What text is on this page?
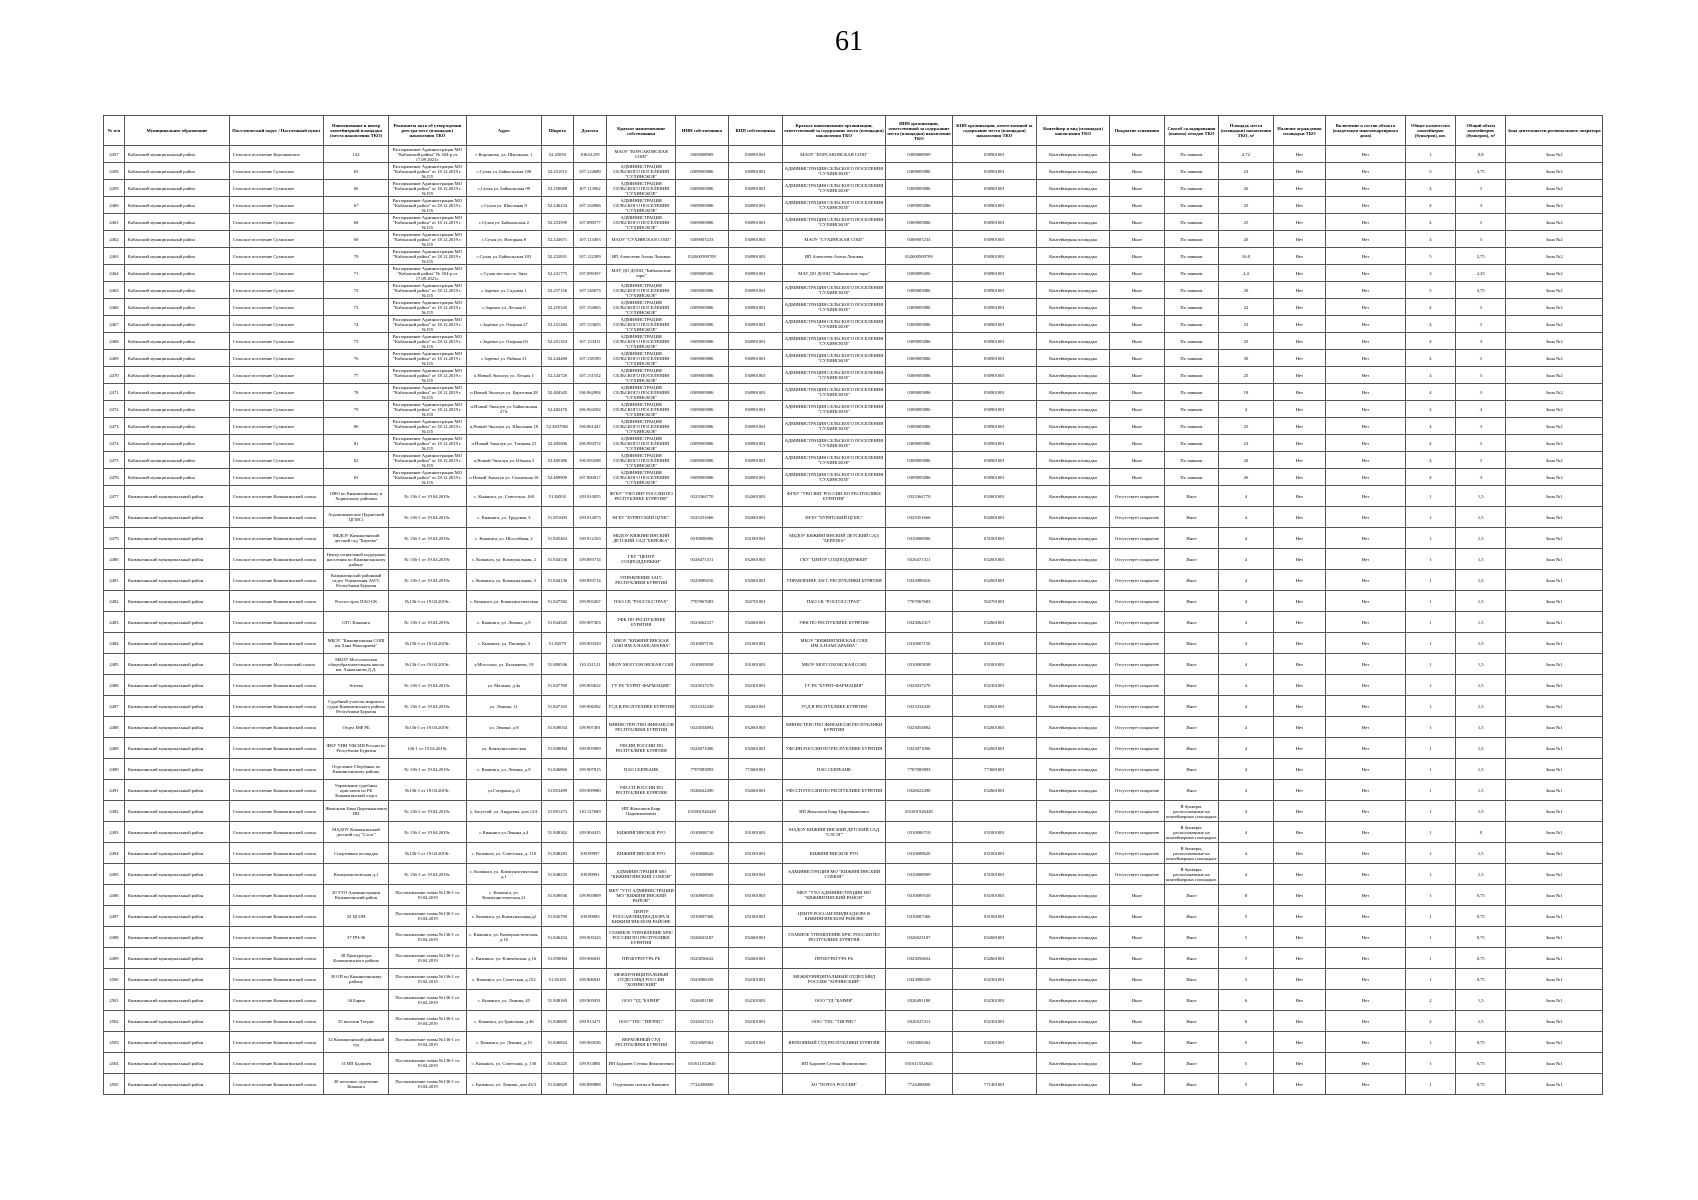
61
№ п/п	Муниципальное образование	Поселенческий округ / Населенный пункт	Наименование и номер контейнерной площадки (места накопления ТКО)	Реквизиты акта об утверждении реестра мест (площадок) накопления ТКО	Адрес	Широта	Долгота	Краткое наименование собственника	ИНН собственника	КПП собственника	Краткое наименование организации, ответственной за содержание места (площадки) накопления ТКО	ИНН организации, ответственной за содержание места (площадки) накопления ТКО	КПП организации, ответственной за содержание места (площадки) накопления ТКО	Контейнер и вид (площадка) накопления ТКО	Покрытие основания	Способ складирования (вывоза) отходов ТКО	Площадь места (площадки) накопления ТКО, м²	Наличие ограждения площадки ТКО	Включение в состав объекта (владельцев многоквартирного дома)	Общее количество контейнеров (бункеров), шт.	Общий объем контейнеров (бункеров), м³	Зона деятельности регионального оператора
2457	Кабанский муниципальный район	Сельское поселение Корсаковское	122	Распоряжение Администрации МО "Кабанский район" № 304-р от 17.09.2021г.	с.Корсаково, ул. Школьная, 1	52.25050	106.61259	МАОУ "КОРСАКОВСКАЯ СОШ"	0309008909	030901001	МАОУ "КОРСАКОВСКАЯ СОШ"	0309008909	030901001	Контейнерная площадка	Иное	По заявкам	4,72	Нет	Нет	1	0,8	Зона №2
2458	Кабанский муниципальный район	Сельское поселение Сухинское	65	Распоряжение Администрации МО "Кабанский район" от 18.12.2019 г. №155	с.Сухая ул. Байкальская 108	52.251015	107.122689	АДМИНИСТРАЦИЯ СЕЛЬСКОГО ПОСЕЛЕНИЯ "СУХИНСКОЕ"	0309005886	030901001	АДМИНИСТРАЦИЯ СЕЛЬСКОГО ПОСЕЛЕНИЯ "СУХИНСКОЕ"	0309005886	030901001	Контейнерная площадка	Иное	По заявкам	23	Нет	Нет	5	3,75	Зона №2
2459	Кабанский муниципальный район	Сельское поселение Сухинское	66	Распоряжение Администрации МО "Кабанский район" от 18.12.2019 г. №155	с.Сухая ул. Байкальская 99	52.250688	107.113962	АДМИНИСТРАЦИЯ СЕЛЬСКОГО ПОСЕЛЕНИЯ "СУХИНСКОЕ"	0309005886	030901001	АДМИНИСТРАЦИЯ СЕЛЬСКОГО ПОСЕЛЕНИЯ "СУХИНСКОЕ"	0309005886	030901001	Контейнерная площадка	Иное	По заявкам	26	Нет	Нет	4	3	Зона №2
2460	Кабанский муниципальный район	Сельское поселение Сухинское	67	Распоряжение Администрации МО "Кабанский район" от 18.12.2019 г. №155	с.Сухая ул. Школьная 9	52.246234	107.104966	АДМИНИСТРАЦИЯ СЕЛЬСКОГО ПОСЕЛЕНИЯ "СУХИНСКОЕ"	0309005886	030901001	АДМИНИСТРАЦИЯ СЕЛЬСКОГО ПОСЕЛЕНИЯ "СУХИНСКОЕ"	0309005886	030901001	Контейнерная площадка	Иное	По заявкам	25	Нет	Нет	4	3	Зона №2
2461	Кабанский муниципальный район	Сельское поселение Сухинское	68	Распоряжение Администрации МО "Кабанский район" от 18.12.2019 г. №155	с.Сухая ул. Байкальская 2	52.253599	107.098577	АДМИНИСТРАЦИЯ СЕЛЬСКОГО ПОСЕЛЕНИЯ "СУХИНСКОЕ"	0309005886	030901001	АДМИНИСТРАЦИЯ СЕЛЬСКОГО ПОСЕЛЕНИЯ "СУХИНСКОЕ"	0309005886	030901001	Контейнерная площадка	Иное	По заявкам	25	Нет	Нет	4	3	Зона №2
2462	Кабанский муниципальный район	Сельское поселение Сухинское	69	Распоряжение Администрации МО "Кабанский район" от 18.12.2019 г. №155	с.Сухая ул. Нагорная 8	52.243671	107.113493	МАОУ "СУХИНСКАЯ СОШ"	0309007233	030901001	МАОУ "СУХИНСКАЯ СОШ"	0309007233	030901001	Контейнерная площадка	Иное	По заявкам	20	Нет	Нет	4	3	Зона №2
2463	Кабанский муниципальный район	Сельское поселение Сухинское	70	Распоряжение Администрации МО "Кабанский район" от 18.12.2019 г. №155	с.Сухая ул. Байкальская 103	52.252831	107.122389	ИП Алексеева Алена Львовна	032600509709	030901001	ИП Алексеева Алена Львовна	032600509709	030901001	Контейнерная площадка	Иное	По заявкам	16,8	Нет	Нет	5	3,75	Зона №2
2464	Кабанский муниципальный район	Сельское поселение Сухинское	71	Распоряжение Администрации МО "Кабанский район" № 304-р от 17.09.2021г.	с.Сухая местность Энхэ	52.221775	107.099397	МАУ ДО ДООЦ "Байкальские зори"	0309009406	030901001	МАУ ДО ДООЦ "Байкальские зори"	0309009406	030901001	Контейнерная площадка	Иное	По заявкам	2,4	Нет	Нет	3	2,25	Зона №2
2465	Кабанский муниципальный район	Сельское поселение Сухинское	72	Распоряжение Администрации МО "Кабанский район" от 18.12.2019 г. №155	с.Заречье ул. Садовая 1	52.257156	107.146073	АДМИНИСТРАЦИЯ СЕЛЬСКОГО ПОСЕЛЕНИЯ "СУХИНСКОЕ"	0309005886	030901001	АДМИНИСТРАЦИЯ СЕЛЬСКОГО ПОСЕЛЕНИЯ "СУХИНСКОЕ"	0309005886	030901001	Контейнерная площадка	Иное	По заявкам	20	Нет	Нет	5	3,75	Зона №2
2466	Кабанский муниципальный район	Сельское поселение Сухинское	73	Распоряжение Администрации МО "Кабанский район" от 18.12.2019 г. №155	с.Заречье ул. Лесная 6	52.255345	107.154065	АДМИНИСТРАЦИЯ СЕЛЬСКОГО ПОСЕЛЕНИЯ "СУХИНСКОЕ"	0309005886	030901001	АДМИНИСТРАЦИЯ СЕЛЬСКОГО ПОСЕЛЕНИЯ "СУХИНСКОЕ"	0309005886	030901001	Контейнерная площадка	Иное	По заявкам	22	Нет	Нет	4	3	Зона №2
2467	Кабанский муниципальный район	Сельское поселение Сухинское	74	Распоряжение Администрации МО "Кабанский район" от 18.12.2019 г. №155	с.Заречье ул. Озерная 27	52.251284	107.153655	АДМИНИСТРАЦИЯ СЕЛЬСКОГО ПОСЕЛЕНИЯ "СУХИНСКОЕ"	0309005886	030901001	АДМИНИСТРАЦИЯ СЕЛЬСКОГО ПОСЕЛЕНИЯ "СУХИНСКОЕ"	0309005886	030901001	Контейнерная площадка	Иное	По заявкам	23	Нет	Нет	4	3	Зона №2
2468	Кабанский муниципальный район	Сельское поселение Сухинское	75	Распоряжение Администрации МО "Кабанский район" от 18.12.2019 г. №155	с.Заречье ул. Озерная 63	52.251354	107.153411	АДМИНИСТРАЦИЯ СЕЛЬСКОГО ПОСЕЛЕНИЯ "СУХИНСКОЕ"	0309005886	030901001	АДМИНИСТРАЦИЯ СЕЛЬСКОГО ПОСЕЛЕНИЯ "СУХИНСКОЕ"	0309005886	030901001	Контейнерная площадка	Иное	По заявкам	25	Нет	Нет	4	3	Зона №2
2469	Кабанский муниципальный район	Сельское поселение Сухинское	76	Распоряжение Администрации МО "Кабанский район" от 18.12.2019 г. №155	с.Заречье ул. Рябина 31	52.244268	107.138189	АДМИНИСТРАЦИЯ СЕЛЬСКОГО ПОСЕЛЕНИЯ "СУХИНСКОЕ"	0309005886	030901001	АДМИНИСТРАЦИЯ СЕЛЬСКОГО ПОСЕЛЕНИЯ "СУХИНСКОЕ"	0309005886	030901001	Контейнерная площадка	Иное	По заявкам	30	Нет	Нет	4	3	Зона №2
2470	Кабанский муниципальный район	Сельское поселение Сухинское	77	Распоряжение Администрации МО "Кабанский район" от 18.12.2019 г. №155	п.Новый Энхалук ул. Лесная 1	52.243720	107.151552	АДМИНИСТРАЦИЯ СЕЛЬСКОГО ПОСЕЛЕНИЯ "СУХИНСКОЕ"	0309005886	030901001	АДМИНИСТРАЦИЯ СЕЛЬСКОГО ПОСЕЛЕНИЯ "СУХИНСКОЕ"	0309005886	030901001	Контейнерная площадка	Иное	По заявкам	25	Нет	Нет	4	3	Зона №2
2471	Кабанский муниципальный район	Сельское поселение Сухинское	78	Распоряжение Администрации МО "Кабанский район" от 18.12.2019 г. №155	п.Новый Энхалук ул. Береговая 28	52.484345	106.962994	АДМИНИСТРАЦИЯ СЕЛЬСКОГО ПОСЕЛЕНИЯ "СУХИНСКОЕ"	0309005886	030901001	АДМИНИСТРАЦИЯ СЕЛЬСКОГО ПОСЕЛЕНИЯ "СУХИНСКОЕ"	0309005886	030901001	Контейнерная площадка	Иное	По заявкам	18	Нет	Нет	4	3	Зона №2
2472	Кабанский муниципальный район	Сельское поселение Сухинское	79	Распоряжение Администрации МО "Кабанский район" от 18.12.2019 г. №155	п.Новый Энхалук ул. Байкальская 27А	52.482476	106.964584	АДМИНИСТРАЦИЯ СЕЛЬСКОГО ПОСЕЛЕНИЯ "СУХИНСКОЕ"	0309005886	030901001	АДМИНИСТРАЦИЯ СЕЛЬСКОГО ПОСЕЛЕНИЯ "СУХИНСКОЕ"	0309005886	030901001	Контейнерная площадка	Иное	По заявкам	4	Нет	Нет	2	4	Зона №2
2473	Кабанский муниципальный район	Сельское поселение Сухинское	80	Распоряжение Администрации МО "Кабанский район" от 18.12.2019 г. №155	п.Новый Энхалук ул. Школьная 18	52.4837065	106.961447	АДМИНИСТРАЦИЯ СЕЛЬСКОГО ПОСЕЛЕНИЯ "СУХИНСКОЕ"	0309005886	030901001	АДМИНИСТРАЦИЯ СЕЛЬСКОГО ПОСЕЛЕНИЯ "СУХИНСКОЕ"	0309005886	030901001	Контейнерная площадка	Иное	По заявкам	25	Нет	Нет	4	3	Зона №2
2474	Кабанский муниципальный район	Сельское поселение Сухинское	81	Распоряжение Администрации МО "Кабанский район" от 18.12.2019 г. №155	п.Новый Энхалук ул. Таежная 21	52.485006	106.993572	АДМИНИСТРАЦИЯ СЕЛЬСКОГО ПОСЕЛЕНИЯ "СУХИНСКОЕ"	0309005886	030901001	АДМИНИСТРАЦИЯ СЕЛЬСКОГО ПОСЕЛЕНИЯ "СУХИНСКОЕ"	0309005886	030901001	Контейнерная площадка	Иное	По заявкам	23	Нет	Нет	4	3	Зона №2
2475	Кабанский муниципальный район	Сельское поселение Сухинское	82	Распоряжение Администрации МО "Кабанский район" от 18.12.2019 г. №155	п.Новый Энхалук ул. Южная 2	52.485386	106.994298	АДМИНИСТРАЦИЯ СЕЛЬСКОГО ПОСЕЛЕНИЯ "СУХИНСКОЕ"	0309005886	030901001	АДМИНИСТРАЦИЯ СЕЛЬСКОГО ПОСЕЛЕНИЯ "СУХИНСКОЕ"	0309005886	030901001	Контейнерная площадка	Иное	По заявкам	20	Нет	Нет	4	3	Зона №2
2476	Кабанский муниципальный район	Сельское поселение Сухинское	83	Распоряжение Администрации МО "Кабанский район" от 18.12.2019 г. №155	п.Новый Энхалук ул. Солнечная 16	52.489909	107.000017	АДМИНИСТРАЦИЯ СЕЛЬСКОГО ПОСЕЛЕНИЯ "СУХИНСКОЕ"	0309005886	030901001	АДМИНИСТРАЦИЯ СЕЛЬСКОГО ПОСЕЛЕНИЯ "СУХИНСКОЕ"	0309005886	030901001	Контейнерная площадка	Иное	По заявкам	26	Нет	Нет	4	3	Зона №2
2477	Кижингинский муниципальный район	Сельское поселение Кижингинский сомон	ОВО по Кижингинскому и Хоринскому районам	№ 136-1 от 19.04.2019г.	с. Кижинга, ул. Советская, 168	51.84502	109.914055	ФГКУ "УВО ВНГ РОССИИ ПО РЕСПУБЛИКЕ БУРЯТИЯ"	0323364770	032601001	ФГКУ "УВО ВНГ РОССИИ ПО РЕСПУБЛИКЕ БУРЯТИЯ"	0323364770	032601001	Контейнерная площадка	Отсутствует покрытие	Иное	4	Нет	Нет	1	1,5	Зона №1
2478	Кижингинский муниципальный район	Сельское поселение Кижингинский сомон	Агрономическое (Бурятский ЦГМС)	№ 136-1 от 19.04.2019г.	с. Кижинга, ул. Трудовая, 3	51.851603	109.914873	ФГБУ "БУРЯТСКИЙ ЦГМС"	0323351666	032601001	ФГБУ "БУРЯТСКИЙ ЦГМС"	0323351666	032601001	Контейнерная площадка	Отсутствует покрытие	Иное	4	Нет	Нет	1	1,5	Зона №1
2479	Кижингинский муниципальный район	Сельское поселение Кижингинский сомон	МБДОУ Кижингинский детский сад "Березка"	№ 136-1 от 19.04.2019г.	с. Кижинга, ул. Шоссейная, 2	51.845403	109.912163	МБДОУ КИЖИНГИНСКИЙ ДЕТСКИЙ САД "БЕРЁЗКА"	0310006906	031001001	МБДОУ КИЖИНГИНСКИЙ ДЕТСКИЙ САД "БЕРЁЗКА"	0310006906	031001001	Контейнерная площадка	Отсутствует покрытие	Иное	4	Нет	Нет	1	1,5	Зона №1
2480	Кижингинский муниципальный район	Сельское поселение Кижингинский сомон	Центр социальной поддержки населения по Кижингинскому району	№ 136-1 от 19.04.2019г.	с. Кижинга, ул. Коммунальная, 2	51.844136	109.893714	ГКУ "ЦЕНТР СОЦПОДДЕРЖКИ"	0326471311	032601001	ГКУ "ЦЕНТР СОЦПОДДЕРЖКИ"	0326471311	032601001	Контейнерная площадка	Отсутствует покрытие	Иное	4	Нет	Нет	1	1,5	Зона №1
2481	Кижингинский муниципальный район	Сельское поселение Кижингинский сомон	Кижингинский районный отдел Управления ЗАГС Республики Бурятия	№ 136-1 от 19.04.2019г.	с. Кижинга, ул. Коммунальная, 2	51.844136	109.893714	УПРАВЛЕНИЕ ЗАГС РЕСПУБЛИКИ БУРЯТИЯ	0323089416	032601001	УПРАВЛЕНИЕ ЗАГС РЕСПУБЛИКИ БУРЯТИЯ	0323089416	032601001	Контейнерная площадка	Отсутствует покрытие	Иное	4	Нет	Нет	1	1,5	Зона №1
2482	Кижингинский муниципальный район	Сельское поселение Кижингинский сомон	Росгосстрах ПАО СК	№136-1 от 19.04.2019г.	с. Кижинга, ул. Коммунистическая	51.847582	109.903267	ПАО СК "РОСГОССТРАХ"	7707067683	502701001	ПАО СК "РОСГОССТРАХ"	7707067683	502701001	Контейнерная площадка	Отсутствует покрытие	Иное	4	Нет	Нет	1	1,5	Зона №1
2483	Кижингинский муниципальный район	Сельское поселение Кижингинский сомон	ОГС Кижинга	№ 136-1 от 19.04.2019г.	с. Кижинга, ул. Ленина, д.9	51.844345	109.907303	УФК ПО РЕСПУБЛИКЕ БУРЯТИЯ	0323062317	032601001	УФК ПО РЕСПУБЛИКЕ БУРЯТИЯ	0323062317	032601001	Контейнерная площадка	Отсутствует покрытие	Иное	4	Нет	Нет	1	1,5	Зона №1
2484	Кижингинский муниципальный район	Сельское поселение Кижингинский сомон	МБОУ "Кижингинская СОШ им.Хана Намсараева"	№136-1 от 19.04.2019г.	с. Кижинга, ул. Пионера, 3	51.84579	109.903329	МБОУ "КИЖИНГИНСКАЯ СОШ ИМ.Х.НАМСАРАЕВА"	0310007156	031001001	МБОУ "КИЖИНГИНСКАЯ СОШ ИМ.Х.НАМСАРАЕВА"	0310007156	031001001	Контейнерная площадка	Отсутствует покрытие	Иное	4	Нет	Нет	1	1,5	Зона №1
2485	Кижингинский муниципальный район	Сельское поселение Могсохонский сомон	МБОУ Могсохонская общеобразовательная школа им. Хамаганова Д.Д.	№136-1 от 19.04.2019г.	у.Могсохон, ул. Бальжиева, 19	51.880536	110.331121	МБОУ МОГСОХОНСКАЯ СОШ	0310005838	031001001	МБОУ МОГСОХОНСКАЯ СОШ	0310005838	031001001	Контейнерная площадка	Отсутствует покрытие	Иное	4	Нет	Нет	1	1,5	Зона №1
2486	Кижингинский муниципальный район	Сельское поселение Кижингинский сомон	Аптека	№ 136-1 от 19.04.2019г.	ул. Малыка, д.4а	51.847769	109.903632	ГУ РБ "БУРЯТ-ФАРМАЦИЯ"	0323037270	032301001	ГУ РБ "БУРЯТ-ФАРМАЦИЯ"	0323037270	032301001	Контейнерная площадка	Отсутствует покрытие	Иное	4	Нет	Нет	1	1,5	Зона №1
2487	Кижингинский муниципальный район	Сельское поселение Кижингинский сомон	Судебный участок мирового судьи Кижингинского района Республики Бурятия	№ 136-1 от 19.04.2019г.	ул. Ленина, 11	51.847165	109.906582	УСД В РЕСПУБЛИКЕ БУРЯТИЯ	0323332430	032601001	УСД В РЕСПУБЛИКЕ БУРЯТИЯ	0323332430	032601001	Контейнерная площадка	Отсутствует покрытие	Иное	4	Нет	Нет	1	1,5	Зона №1
2488	Кижингинский муниципальный район	Сельское поселение Кижингинский сомон	Отдел МФ РБ	№136-1 от 19.04.2019г.	ул. Ленина, д.8	51.849034	109.907491	МИНИСТЕРСТВО ФИНАНСОВ РЕСПУБЛИКИ БУРЯТИЯ	0323054892	032601001	МИНИСТЕРСТВО ФИНАНСОВ РЕСПУБЛИКИ БУРЯТИЯ	0323054892	032601001	Контейнерная площадка	Отсутствует покрытие	Иное	4	Нет	Нет	1	1,5	Зона №1
2489	Кижингинский муниципальный район	Сельское поселение Кижингинский сомон	ФКУ УИИ УФСИН России по Республике Бурятия	136-1 от 19.04.2019г.	ул. Коммунистическая	51.848004	109.903989	УФСИН РОССИИ ПО РЕСПУБЛИКЕ БУРЯТИЯ	0323071006	032601001	УФСИН РОССИИ ПО РЕСПУБЛИКЕ БУРЯТИЯ	0323071006	032601001	Контейнерная площадка	Отсутствует покрытие	Иное	4	Нет	Нет	1	1,5	Зона №1
2490	Кижингинский муниципальный район	Сельское поселение Кижингинский сомон	Отделение Сбербанка по Кижингинскому району	№ 136-1 от 19.04.2019г.	с. Кижинга, ул. Ленина, д.9	51.846866	109.907815	ПАО СБЕРБАНК	7707083893	773601001	ПАО СБЕРБАНК	7707083893	773601001	Контейнерная площадка	Отсутствует покрытие	Иное	4	Нет	Нет	1	1,5	Зона №1
2491	Кижингинский муниципальный район	Сельское поселение Кижингинский сомон	Управление судебных приставов по РБ Кижингинский отдел	№136-1 от 19.04.2019г.	ул.Гагарина,д.21	51.853499	109.909980	УФССП РОССИИ ПО РЕСПУБЛИКЕ БУРЯТИЯ	0326022490	032601001	УФССП РОССИИ ПО РЕСПУБЛИКЕ БУРЯТИЯ	0326022490	032601001	Контейнерная площадка	Отсутствует покрытие	Иное	4	Нет	Нет	1	1,5	Зона №1
2492	Кижингинский муниципальный район	Сельское поселение Кижингинский сомон	Жамсанов Баир Цыренжапович ИП	№ 136-1 от 19.04.2019г.	у. Загустай, ул. Андреева, дом 12А	51.891273	110.127689	ИП Жамсанов Баир Цыренжапович	031001926428		ИП Жамсанов Баир Цыренжапович	031001926428		Контейнерная площадка	Отсутствует покрытие	В бункеры, расположенные на контейнерных площадках	4	Нет	Нет	1	1,5	Зона №1
2493	Кижингинский муниципальный район	Сельское поселение Кижингинский сомон	МАДОУ Кижингинский детский сад "Сэсэг"	№ 136-1 от 19.04.2019г.	с.Кижинга ул.Ленина д.4	51.848302	109.904415	КИЖИНГИНСКОЕ РУО	0310006710	031001001	МАДОУ КИЖИНГИНСКИЙ ДЕТСКИЙ САД "СЭСЭГ"	0310006710	031001001	Контейнерная площадка	Отсутствует покрытие	В бункеры, расположенные на контейнерных площадках	4	Нет	Нет	1	8	Зона №1
2494	Кижингинский муниципальный район	Сельское поселение Кижингинский сомон	Спортивная площадка	№136-1 от 19.04.2019г.	с. Кижинга, ул. Советская, д. 110	51.848283	109.89997	КИЖИНГИНСКОЕ РУО	0310008620	031001001	КИЖИНГИНСКОЕ РУО	0310008620	031001001	Контейнерная площадка	Отсутствует покрытие	В бункеры, расположенные на контейнерных площадках	4	Нет	Нет	1	1,5	Зона №1
2495	Кижингинский муниципальный район	Сельское поселение Кижингинский сомон	Коммунистическая д.1	№ 136-1 от 19.04.2019г.	с. Кижинга, ул. Коммунистическая д.1	51.848235	109.89991	АДМИНИСТРАЦИЯ МО "КИЖИНГИНСКИЙ СОМОН"	0310008909	031001001	АДМИНИСТРАЦИЯ МО "КИЖИНГИНСКИЙ СОМОН"	0310008909	031001001	Контейнерная площадка	Отсутствует покрытие	В бункеры, расположенные на контейнерных площадках	4	Нет	Нет	1	1,5	Зона №1
2496	Кижингинский муниципальный район	Сельское поселение Кижингинский сомон	29 УТО Администрации Кижингинский район	Постановление главы №136-1 от 19.04.2019	с. Кижинга, ул. Коммунистическая,12	51.849036	109.903809	МКУ "УТО АДМИНИСТРАЦИИ МО "КИЖИНГИНСКИЙ РАЙОН"	0310009530	031001001	МКУ "УТО АДМИНИСТРАЦИИ МО "КИЖИНГИНСКИЙ РАЙОН"	0310009530	031001001	Контейнерная площадка	Иное	Иное	8	Нет	Нет	1	0,75	Зона №1
2497	Кижингинский муниципальный район	Сельское поселение Кижингинский сомон	33 ЦСОН	Постановление главы №136-1 от 19.04.2019	с. Кижинга, ул.Коммунальная,д2	51.845799	109.89083	ЦЕНТР РОССАНЭПИДНАДЗОРА В КИЖИНГИНСКОМ РАЙОНЕ	0310007366	031001001	ЦЕНТР РОССАНЭПИДНАДЗОРА В КИЖИНГИНСКОМ РАЙОНЕ	0310007366	031001001	Контейнерная площадка	Иное	Иное	5	Нет	Нет	1	0,75	Зона №1
2498	Кижингинский муниципальный район	Сельское поселение Кижингинский сомон	37 ПЧ-36	Постановление главы №136-1 от 19.04.2019	с. Кижинга, ул. Коммунистическая, д.16	51.846432	109.905223	ГЛАВНОЕ УПРАВЛЕНИЕ МЧС РОССИИ ПО РЕСПУБЛИКЕ БУРЯТИЯ	0326023187	032601001	ГЛАВНОЕ УПРАВЛЕНИЕ МЧС РОССИИ ПО РЕСПУБЛИКЕ БУРЯТИЯ	0326023187	032601001	Контейнерная площадка	Иное	Иное	5	Нет	Нет	1	0,75	Зона №1
2499	Кижингинский муниципальный район	Сельское поселение Кижингинский сомон	38 Прокуратура Кижингинского района	Постановление главы №136-1 от 19.04.2019	с. Кижинга, ул. Ключевская, д.16	51.850084	109.906041	ПРОКУРАТУРА РБ	0323056632	032601001	ПРОКУРАТУРА РБ	0323056632	032601001	Контейнерная площадка	Иное	Иное	5	Нет	Нет	1	0,75	Зона №1
2500	Кижингинский муниципальный район	Сельское поселение Кижингинский сомон	39 ОП по Кижингинскому району	Постановление главы №136-1 от 19.04.2019	с. Кижинга, ул. Советская, д.152	51.84183	109.906941	МЕЖМУНИЦИПАЛЬНЫЙ ОТДЕЛ МВД РОССИИ "ХОРИНСКИЙ"	0323086339	032301001	МЕЖМУНИЦИПАЛЬНЫЙ ОТДЕЛ МВД РОССИИ "ХОРИНСКИЙ"	0323086339	032301001	Контейнерная площадка	Иное	Иное	5	Нет	Нет	1	0,75	Зона №1
2501	Кижингинский муниципальный район	Сельское поселение Кижингинский сомон	34 Бария	Постановление главы №136-1 от 19.04.2019	с. Кижинга, ул. Ленина, 45	51.848169	109.905931	ООО "ТД "БАРИЯ"	0326491180	032301001	ООО "ТД "БАРИЯ"	0326491180	032301001	Контейнерная площадка	Иное	Иное	6	Нет	Нет	2	1,5	Зона №1
2502	Кижингинский муниципальный район	Сельское поселение Кижингинский сомон	35 магазин Тигрис	Постановление главы №136-1 от 19.04.2019	с. Кижинга, ул.Трактовая, д.46	51.840695	109.913271	ООО "ТПС "ТИГРИС"	0326527211	032301001	ООО "ТПС "ТИГРИС"	0326527211	032301001	Контейнерная площадка	Иное	Иное	6	Нет	Нет	2	1,5	Зона №1
2503	Кижингинский муниципальный район	Сельское поселение Кижингинский сомон	32 Кижингинский районный суд	Постановление главы №136-1 от 19.04.2019	с. Кижинга, ул. Ленина, д.15	51.846824	109.904536	ВЕРХОВНЫЙ СУД РЕСПУБЛИКИ БУРЯТИЯ	0323069362	032301001	ВЕРХОВНЫЙ СУД РЕСПУБЛИКИ БУРЯТИЯ	0323069362	032301001	Контейнерная площадка	Иное	Иное	5	Нет	Нет	1	0,75	Зона №1
2504	Кижингинский муниципальный район	Сельское поселение Кижингинский сомон	31 ИП Бадмаев	Постановление главы №136-1 от 19.04.2019	с. Кижинга, ул. Советская, д. 130	51.846225	109.914881	ИП Бадмаев Степан Филиппович	031611532645		ИП Бадмаев Степан Филиппович	031611532645		Контейнерная площадка	Иное	Иное	5	Нет	Нет	1	0,75	Зона №1
2505	Кижингинский муниципальный район	Сельское поселение Кижингинский сомон	30 почтовое отделение Кижинга	Постановление главы №136-1 от 19.04.2019	с. Кижинга, ул. Ленина, дом 43/3	51.846829	109.899888	Отделение почты в Кижинге	7724490000		АО "ПОЧТА РОССИИ"	7724490000	771401001	Контейнерная площадка	Иное	Иное	5	Нет	Нет	1	0,75	Зона №1
